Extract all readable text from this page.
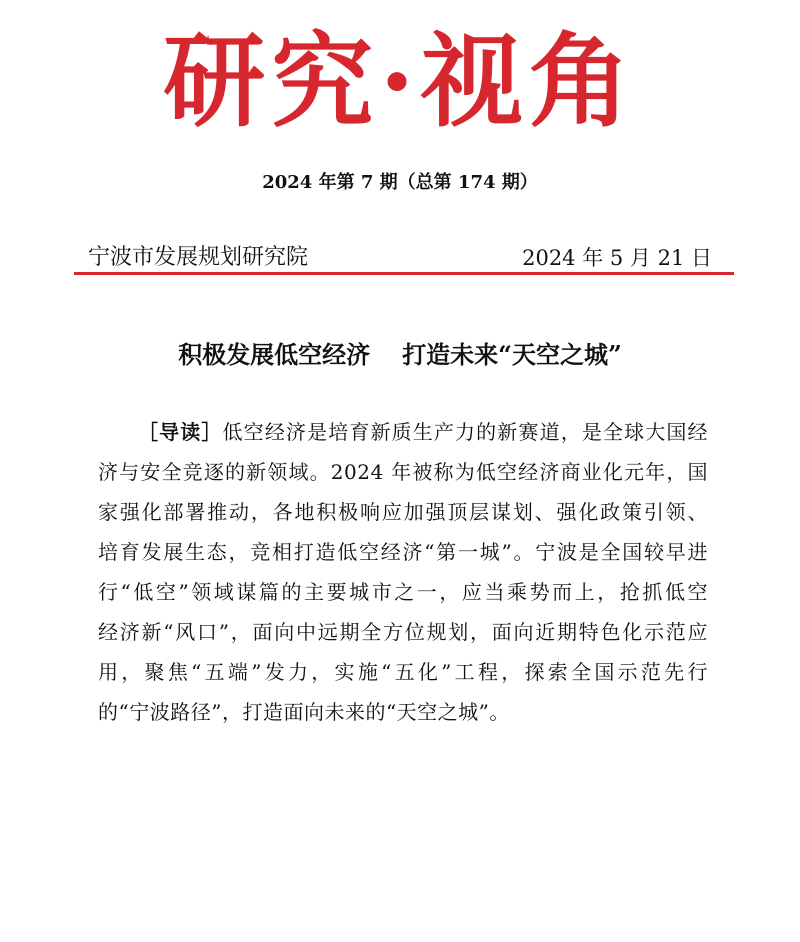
研究·视角
2024 年第 7 期（总第 174 期）
宁波市发展规划研究院	2024 年 5 月 21 日
积极发展低空经济 打造未来“天空之城”
［导读］低空经济是培育新质生产力的新赛道，是全球大国经
济与安全竞逐的新领域。2024 年被称为低空经济商业化元年，国
家强化部署推动，各地积极响应加强顶层谋划、强化政策引领、
培育发展生态，竞相打造低空经济“第一城”。宁波是全国较早进
行“低空”领域谋篇的主要城市之一，应当乘势而上，抢抓低空
经济新“风口”，面向中远期全方位规划，面向近期特色化示范应
用，聚焦“五端”发力，实施“五化”工程，探索全国示范先行
的“宁波路径”，打造面向未来的“天空之城”。
